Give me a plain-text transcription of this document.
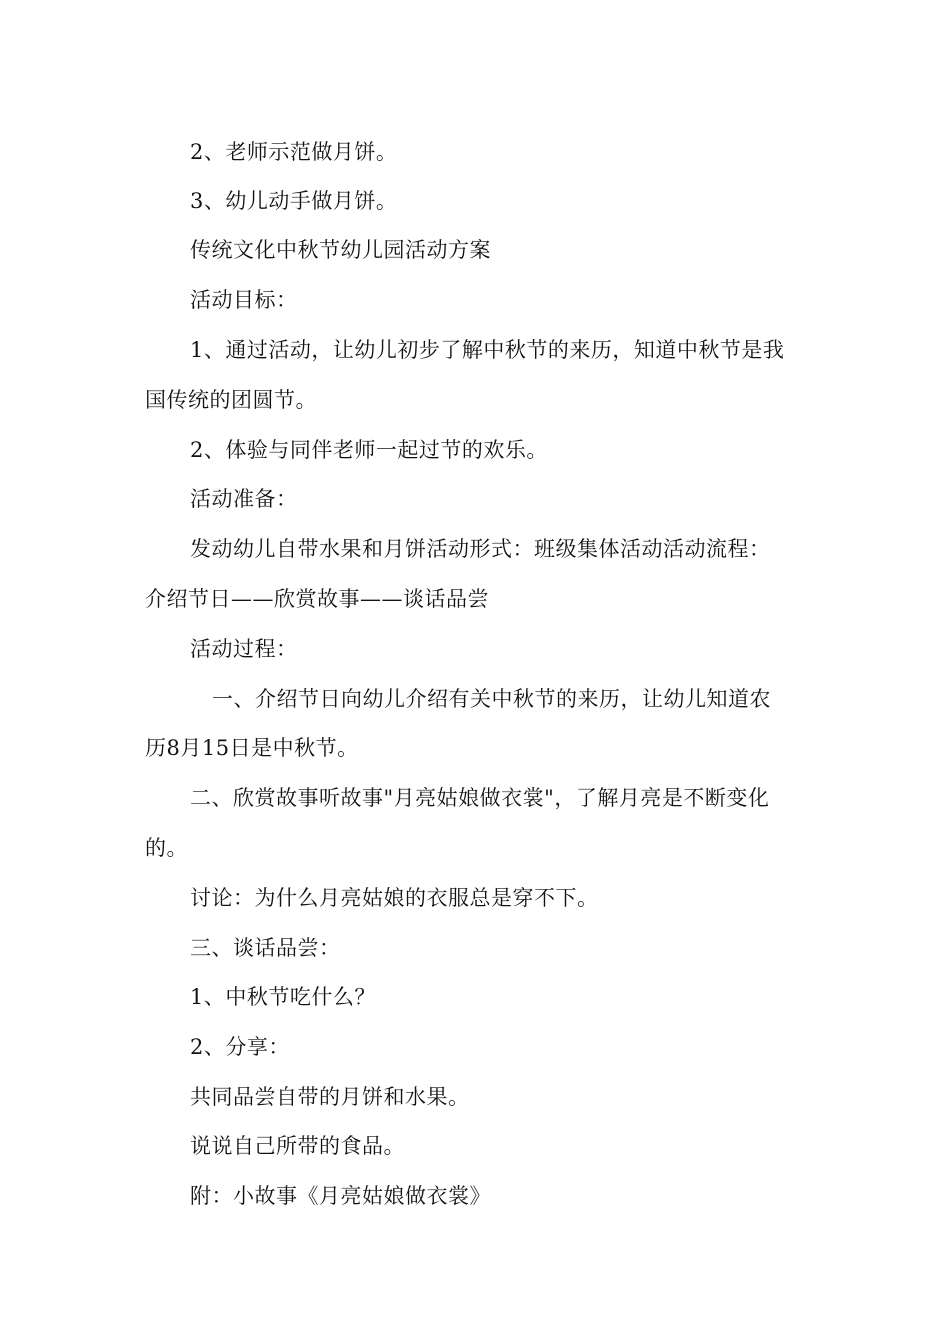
2、老师示范做月饼。
3、幼儿动手做月饼。
传统文化中秋节幼儿园活动方案
活动目标：
1、通过活动，让幼儿初步了解中秋节的来历，知道中秋节是我
国传统的团圆节。
2、体验与同伴老师一起过节的欢乐。
活动准备：
发动幼儿自带水果和月饼活动形式：班级集体活动活动流程：
介绍节日——欣赏故事——谈话品尝
活动过程：
一、介绍节日向幼儿介绍有关中秋节的来历，让幼儿知道农
历8月15日是中秋节。
二、欣赏故事听故事"月亮姑娘做衣裳"，了解月亮是不断变化
的。
讨论：为什么月亮姑娘的衣服总是穿不下。
三、谈话品尝：
1、中秋节吃什么？
2、分享：
共同品尝自带的月饼和水果。
说说自己所带的食品。
附：小故事《月亮姑娘做衣裳》
